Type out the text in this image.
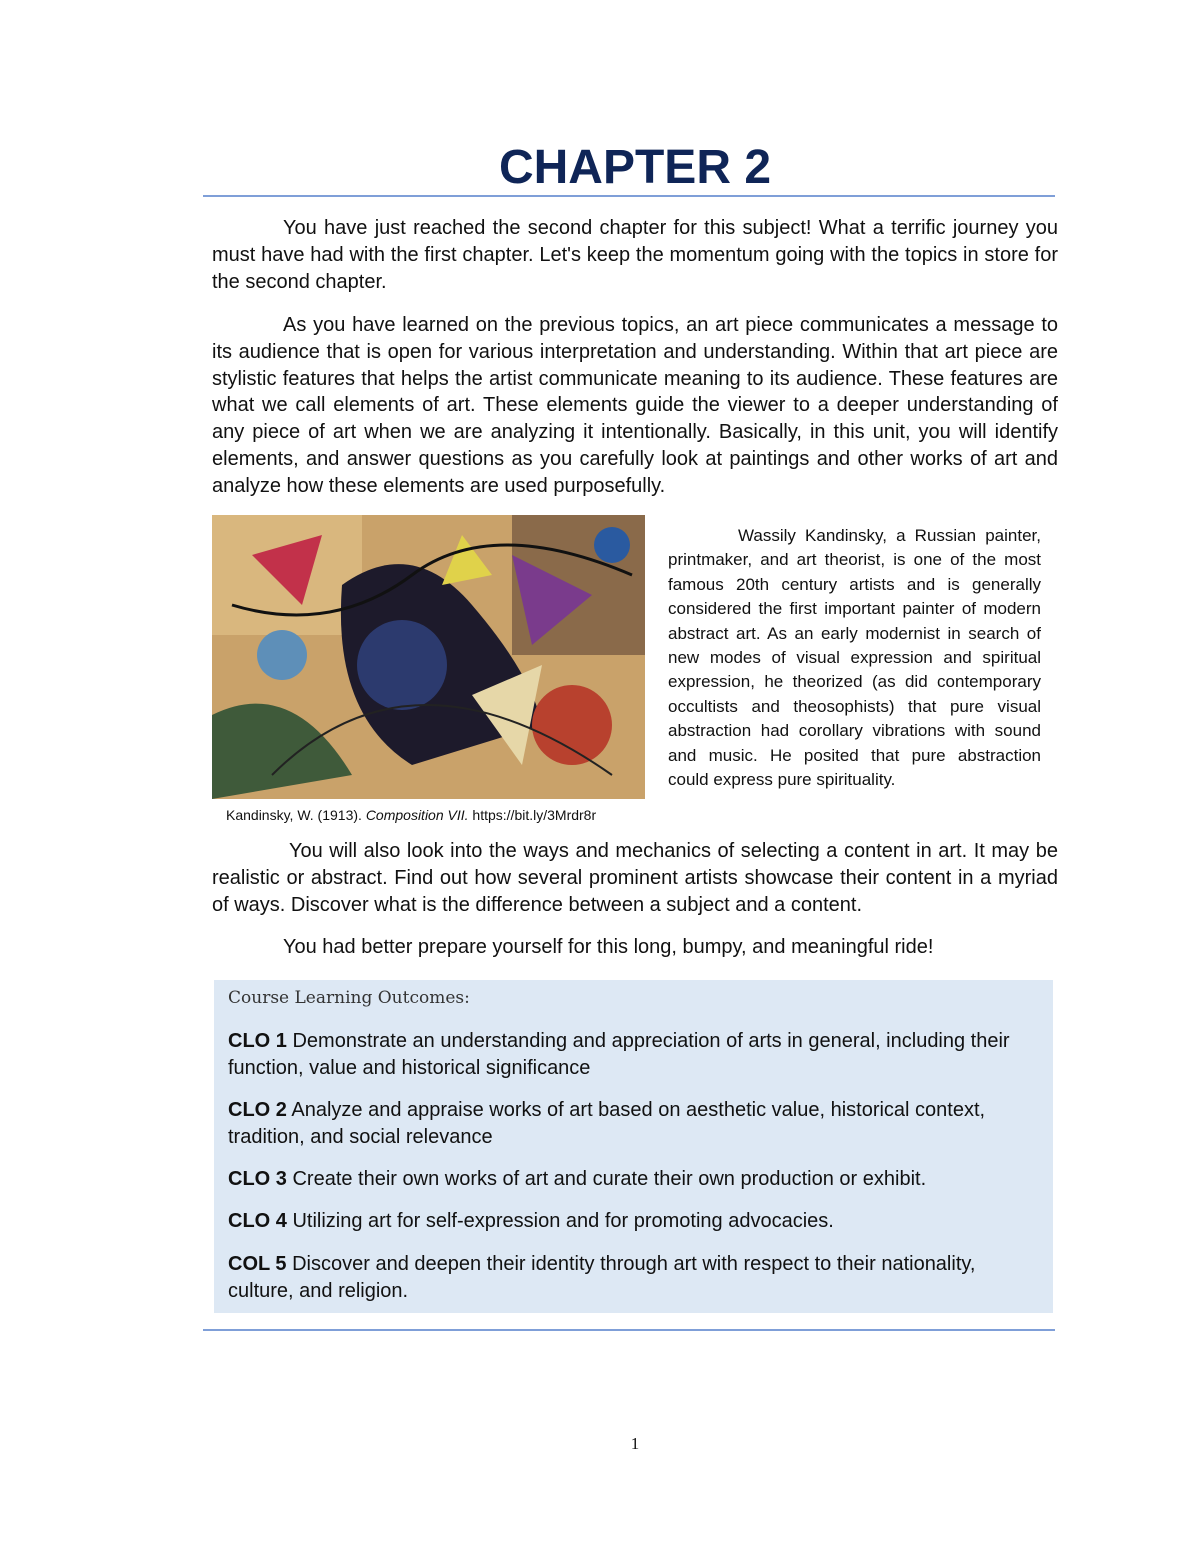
CHAPTER 2

You have just reached the second chapter for this subject! What a terrific journey you must have had with the first chapter. Let's keep the momentum going with the topics in store for the second chapter.

As you have learned on the previous topics, an art piece communicates a message to its audience that is open for various interpretation and understanding. Within that art piece are stylistic features that helps the artist communicate meaning to its audience. These features are what we call elements of art. These elements guide the viewer to a deeper understanding of any piece of art when we are analyzing it intentionally. Basically, in this unit, you will identify elements, and answer questions as you carefully look at paintings and other works of art and analyze how these elements are used purposefully.

Kandinsky, W. (1913). Composition VII. https://bit.ly/3Mrdr8r

Wassily Kandinsky, a Russian painter, printmaker, and art theorist, is one of the most famous 20th century artists and is generally considered the first important painter of modern abstract art. As an early modernist in search of new modes of visual expression and spiritual expression, he theorized (as did contemporary occultists and theosophists) that pure visual abstraction had corollary vibrations with sound and music. He posited that pure abstraction could express pure spirituality.

You will also look into the ways and mechanics of selecting a content in art. It may be realistic or abstract. Find out how several prominent artists showcase their content in a myriad of ways. Discover what is the difference between a subject and a content.

You had better prepare yourself for this long, bumpy, and meaningful ride!

Course Learning Outcomes:

CLO 1 Demonstrate an understanding and appreciation of arts in general, including their function, value and historical significance

CLO 2 Analyze and appraise works of art based on aesthetic value, historical context, tradition, and social relevance

CLO 3 Create their own works of art and curate their own production or exhibit.

CLO 4 Utilizing art for self-expression and for promoting advocacies.

COL 5 Discover and deepen their identity through art with respect to their nationality, culture, and religion.

1
